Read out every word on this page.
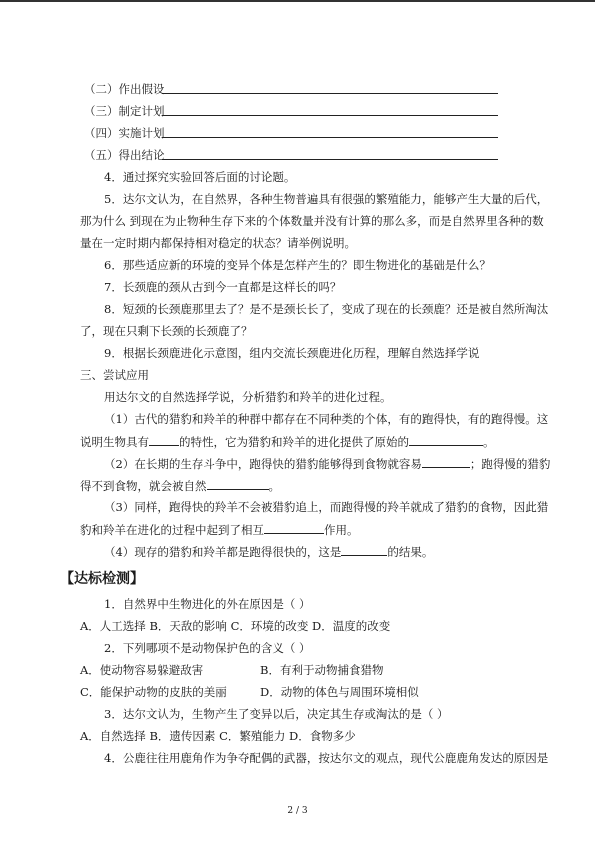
（二）作出假设
（三）制定计划
（四）实施计划
（五）得出结论
4．通过探究实验回答后面的讨论题。
5．达尔文认为，在自然界，各种生物普遍具有很强的繁殖能力，能够产生大量的后代，
那为什么 到现在为止物种生存下来的个体数量并没有计算的那么多，而是自然界里各种的数
量在一定时期内都保持相对稳定的状态？请举例说明。
6．那些适应新的环境的变异个体是怎样产生的？即生物进化的基础是什么？
7．长颈鹿的颈从古到今一直都是这样长的吗？
8．短颈的长颈鹿那里去了？是不是颈长长了，变成了现在的长颈鹿？还是被自然所淘汰
了，现在只剩下长颈的长颈鹿了？
9．根据长颈鹿进化示意图，组内交流长颈鹿进化历程，理解自然选择学说
三、尝试应用
用达尔文的自然选择学说，分析猎豹和羚羊的进化过程。
（1）古代的猎豹和羚羊的种群中都存在不同种类的个体，有的跑得快，有的跑得慢。这
说明生物具有	的特性，它为猎豹和羚羊的进化提供了原始的	。
（2）在长期的生存斗争中，跑得快的猎豹能够得到食物就容易	；跑得慢的猎豹
得不到食物，就会被自然	。
（3）同样，跑得快的羚羊不会被猎豹追上，而跑得慢的羚羊就成了猎豹的食物，因此猎
豹和羚羊在进化的过程中起到了相互	作用。
（4）现存的猎豹和羚羊都是跑得很快的，这是	的结果。
【达标检测】
1．自然界中生物进化的外在原因是（ ）
A．人工选择 B．天敌的影响 C．环境的改变 D．温度的改变
2．下列哪项不是动物保护色的含义（ ）
A．使动物容易躲避敌害	B．有利于动物捕食猎物
C．能保护动物的皮肤的美丽	D．动物的体色与周围环境相似
3．达尔文认为，生物产生了变异以后，决定其生存或淘汰的是（ ）
A．自然选择 B．遗传因素 C．繁殖能力 D．食物多少
4．公鹿往往用鹿角作为争夺配偶的武器，按达尔文的观点，现代公鹿鹿角发达的原因是
2 / 3
